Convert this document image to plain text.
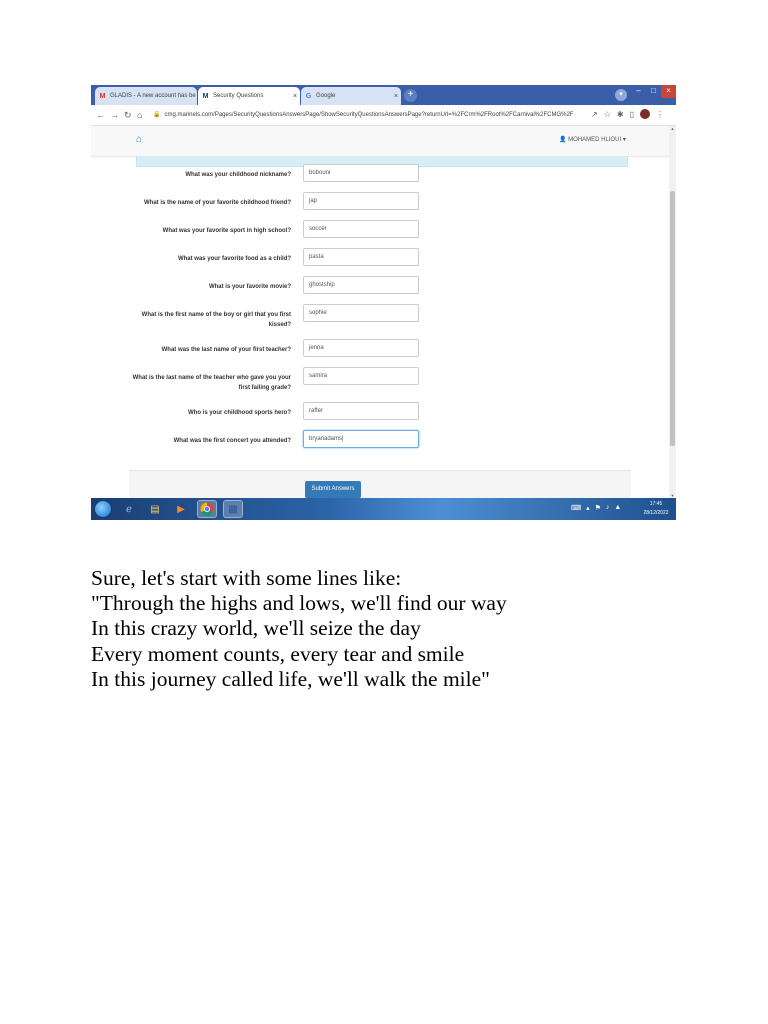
M GLADIS - A new account has be M Security Questions	×	G Google	× +	▾	–	□	×
← → ↻ ⌂ 🔒 cmg.marinels.com/Pages/SecurityQuestionsAnswersPage/ShowSecurityQuestionsAnswersPage?returnUrl=%2FCrm%2FRoot%2FCarnival%2FCMG%2F ↗ ☆ ✱ ▯	⋮
⌂	👤 MOHAMED HLIOUI ▾
What was your childhood nickname?	bobouni
What is the name of your favorite childhood friend?	jap
What was your favorite sport in high school?	soccer
What was your favorite food as a child?	pasta
What is your favorite movie?	ghostship
What is the first name of the boy or girl that you first kissed?
sophie
What was the last name of your first teacher?	jenna
What is the last name of the teacher who gave you your first failing grade?
samira
Who is your childhood sports hero?	rafter
What was the first concert you attended?	bryanadams|
Submit Answers
▲
▼
ℯ	▤	▶	▩	⌨ ▴ ⚑ ♪ ▲	17:45
28/12/2022
Sure, let's start with some lines like:
"Through the highs and lows, we'll find our way
In this crazy world, we'll seize the day
Every moment counts, every tear and smile
In this journey called life, we'll walk the mile"
